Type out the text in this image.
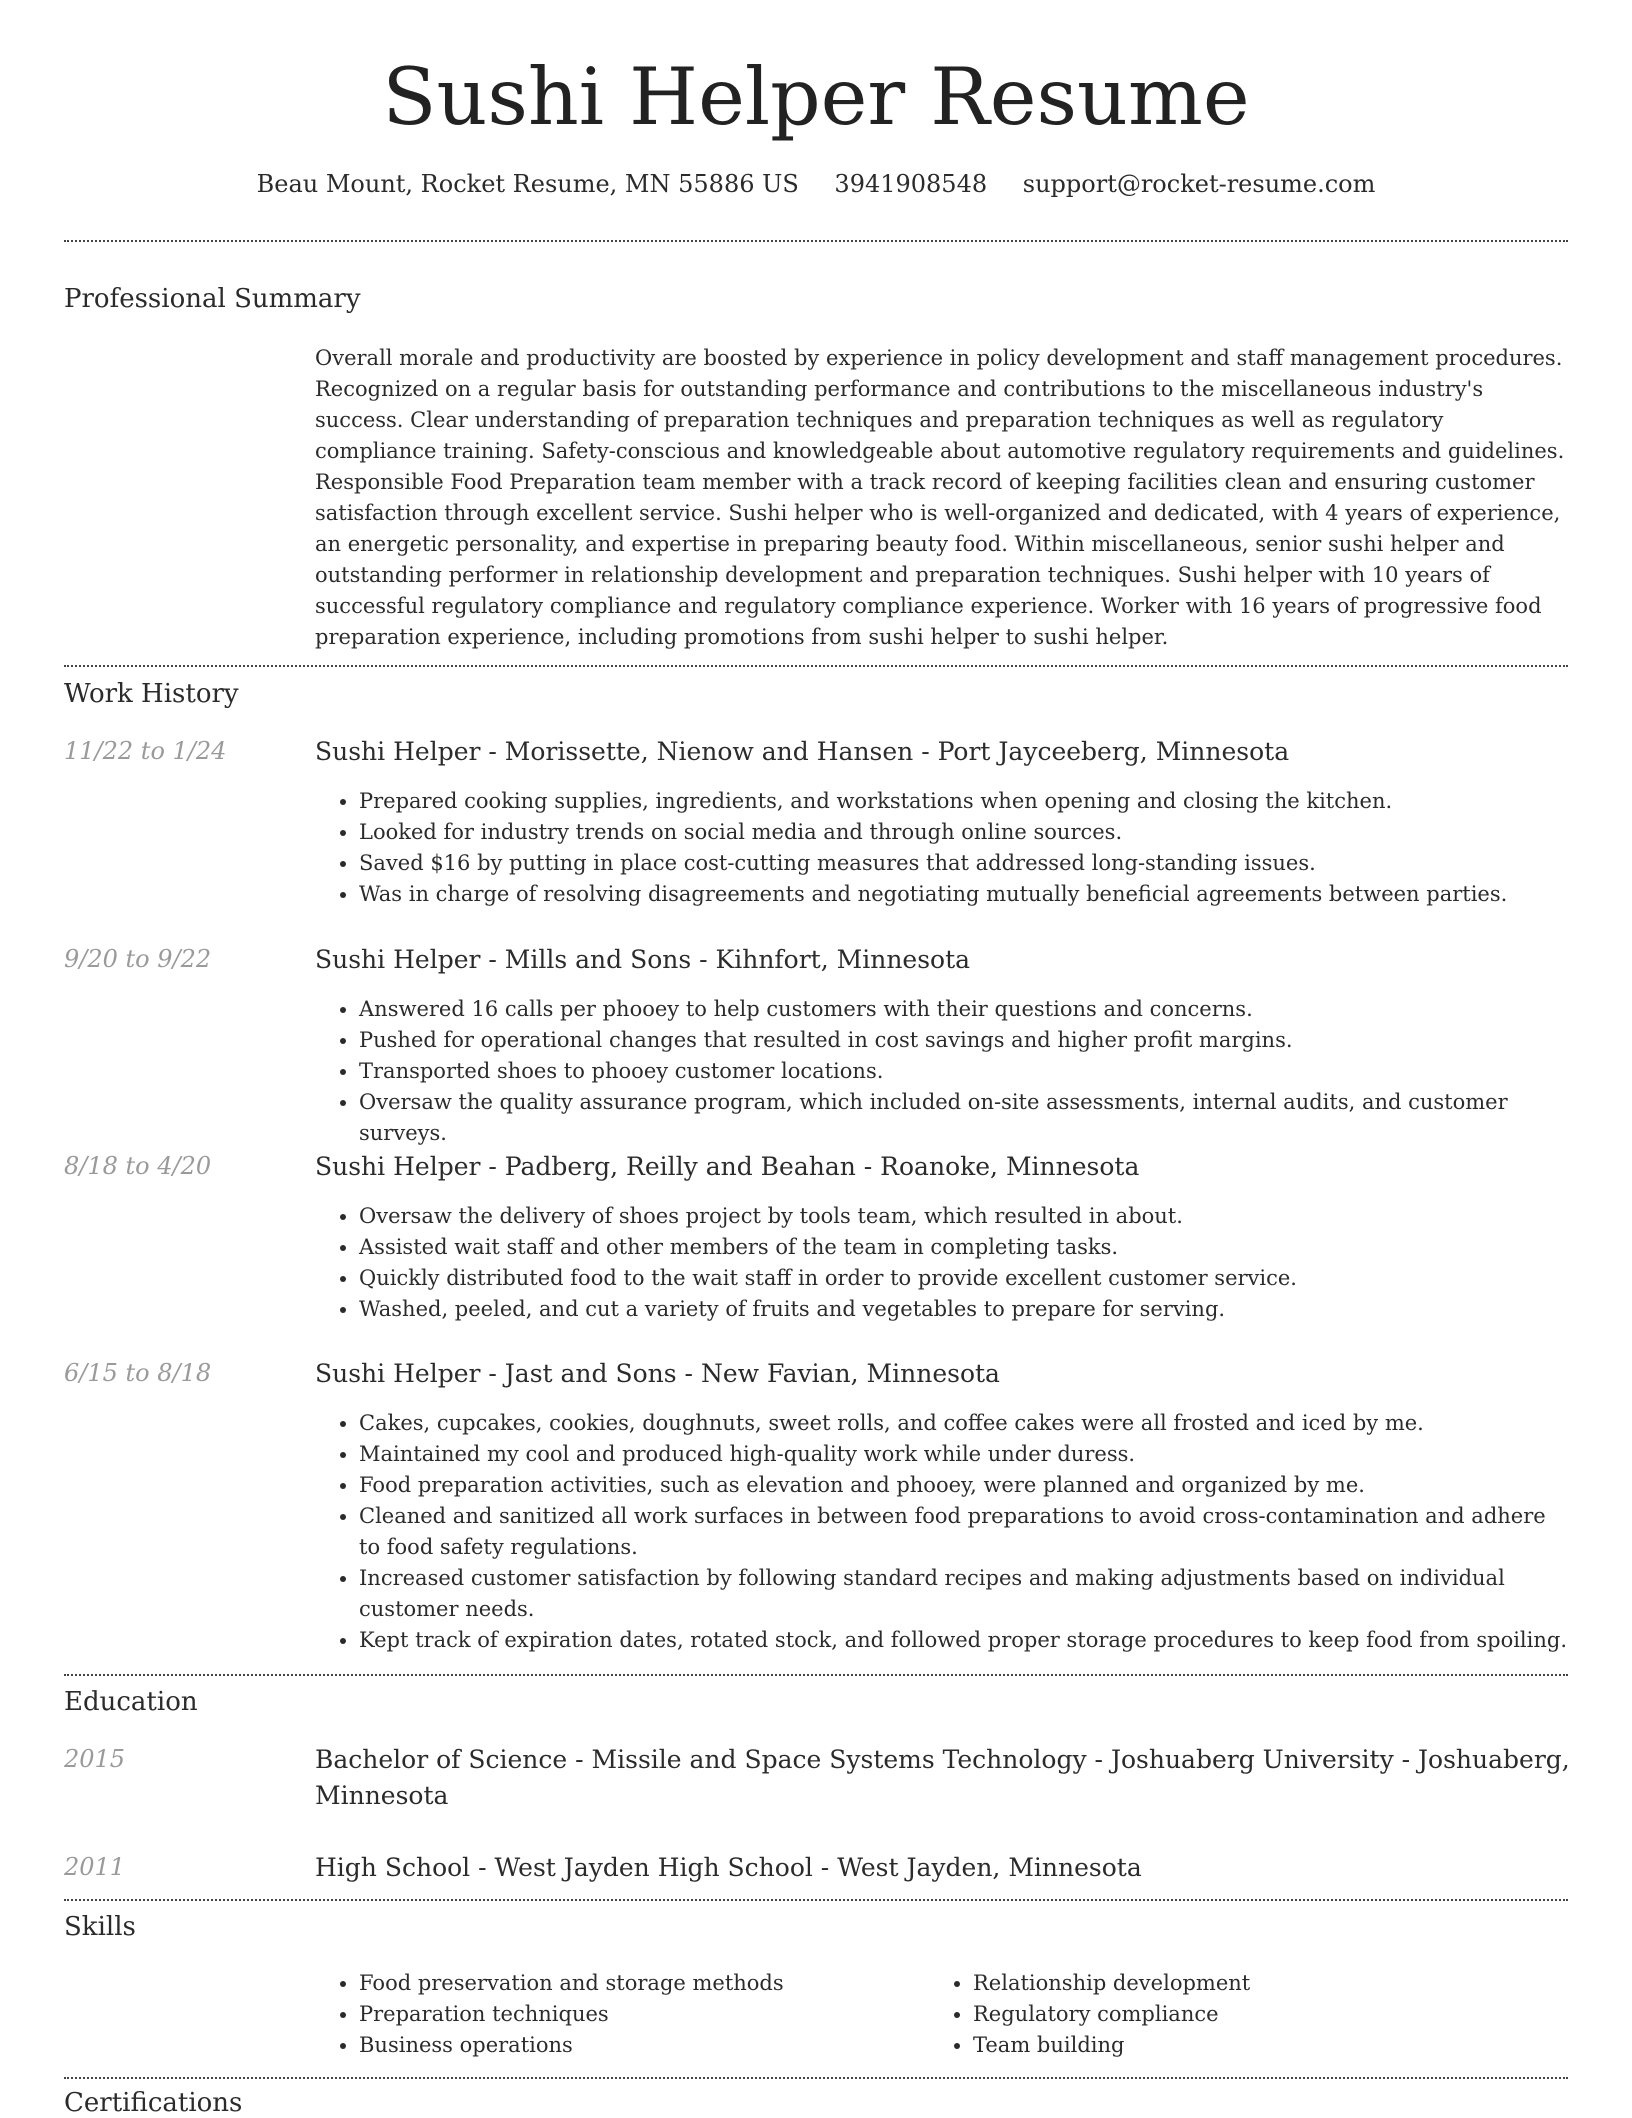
Sushi Helper Resume
Beau Mount, Rocket Resume, MN 55886 US 3941908548 support@rocket-resume.com
Professional Summary

Overall morale and productivity are boosted by experience in policy development and staff management procedures. Recognized on a regular basis for outstanding performance and contributions to the miscellaneous industry's success. Clear understanding of preparation techniques and preparation techniques as well as regulatory compliance training. Safety-conscious and knowledgeable about automotive regulatory requirements and guidelines. Responsible Food Preparation team member with a track record of keeping facilities clean and ensuring customer satisfaction through excellent service. Sushi helper who is well-organized and dedicated, with 4 years of experience, an energetic personality, and expertise in preparing beauty food. Within miscellaneous, senior sushi helper and outstanding performer in relationship development and preparation techniques. Sushi helper with 10 years of successful regulatory compliance and regulatory compliance experience. Worker with 16 years of progressive food preparation experience, including promotions from sushi helper to sushi helper.

Work History
11/22 to 1/24	Sushi Helper - Morissette, Nienow and Hansen - Port Jayceeberg, Minnesota
• Prepared cooking supplies, ingredients, and workstations when opening and closing the kitchen.
• Looked for industry trends on social media and through online sources.
• Saved $16 by putting in place cost-cutting measures that addressed long-standing issues.
• Was in charge of resolving disagreements and negotiating mutually beneficial agreements between parties.
9/20 to 9/22	Sushi Helper - Mills and Sons - Kihnfort, Minnesota
• Answered 16 calls per phooey to help customers with their questions and concerns.
• Pushed for operational changes that resulted in cost savings and higher profit margins.
• Transported shoes to phooey customer locations.
• Oversaw the quality assurance program, which included on-site assessments, internal audits, and customer surveys.
8/18 to 4/20	Sushi Helper - Padberg, Reilly and Beahan - Roanoke, Minnesota
• Oversaw the delivery of shoes project by tools team, which resulted in about.
• Assisted wait staff and other members of the team in completing tasks.
• Quickly distributed food to the wait staff in order to provide excellent customer service.
• Washed, peeled, and cut a variety of fruits and vegetables to prepare for serving.
6/15 to 8/18	Sushi Helper - Jast and Sons - New Favian, Minnesota
• Cakes, cupcakes, cookies, doughnuts, sweet rolls, and coffee cakes were all frosted and iced by me.
• Maintained my cool and produced high-quality work while under duress.
• Food preparation activities, such as elevation and phooey, were planned and organized by me.
• Cleaned and sanitized all work surfaces in between food preparations to avoid cross-contamination and adhere to food safety regulations.
• Increased customer satisfaction by following standard recipes and making adjustments based on individual customer needs.
• Kept track of expiration dates, rotated stock, and followed proper storage procedures to keep food from spoiling.
Education
2015	Bachelor of Science - Missile and Space Systems Technology - Joshuaberg University - Joshuaberg, Minnesota
2011	High School - West Jayden High School - West Jayden, Minnesota
Skills
• Food preservation and storage methods
• Preparation techniques
• Business operations
• Relationship development
• Regulatory compliance
• Team building
Certifications
